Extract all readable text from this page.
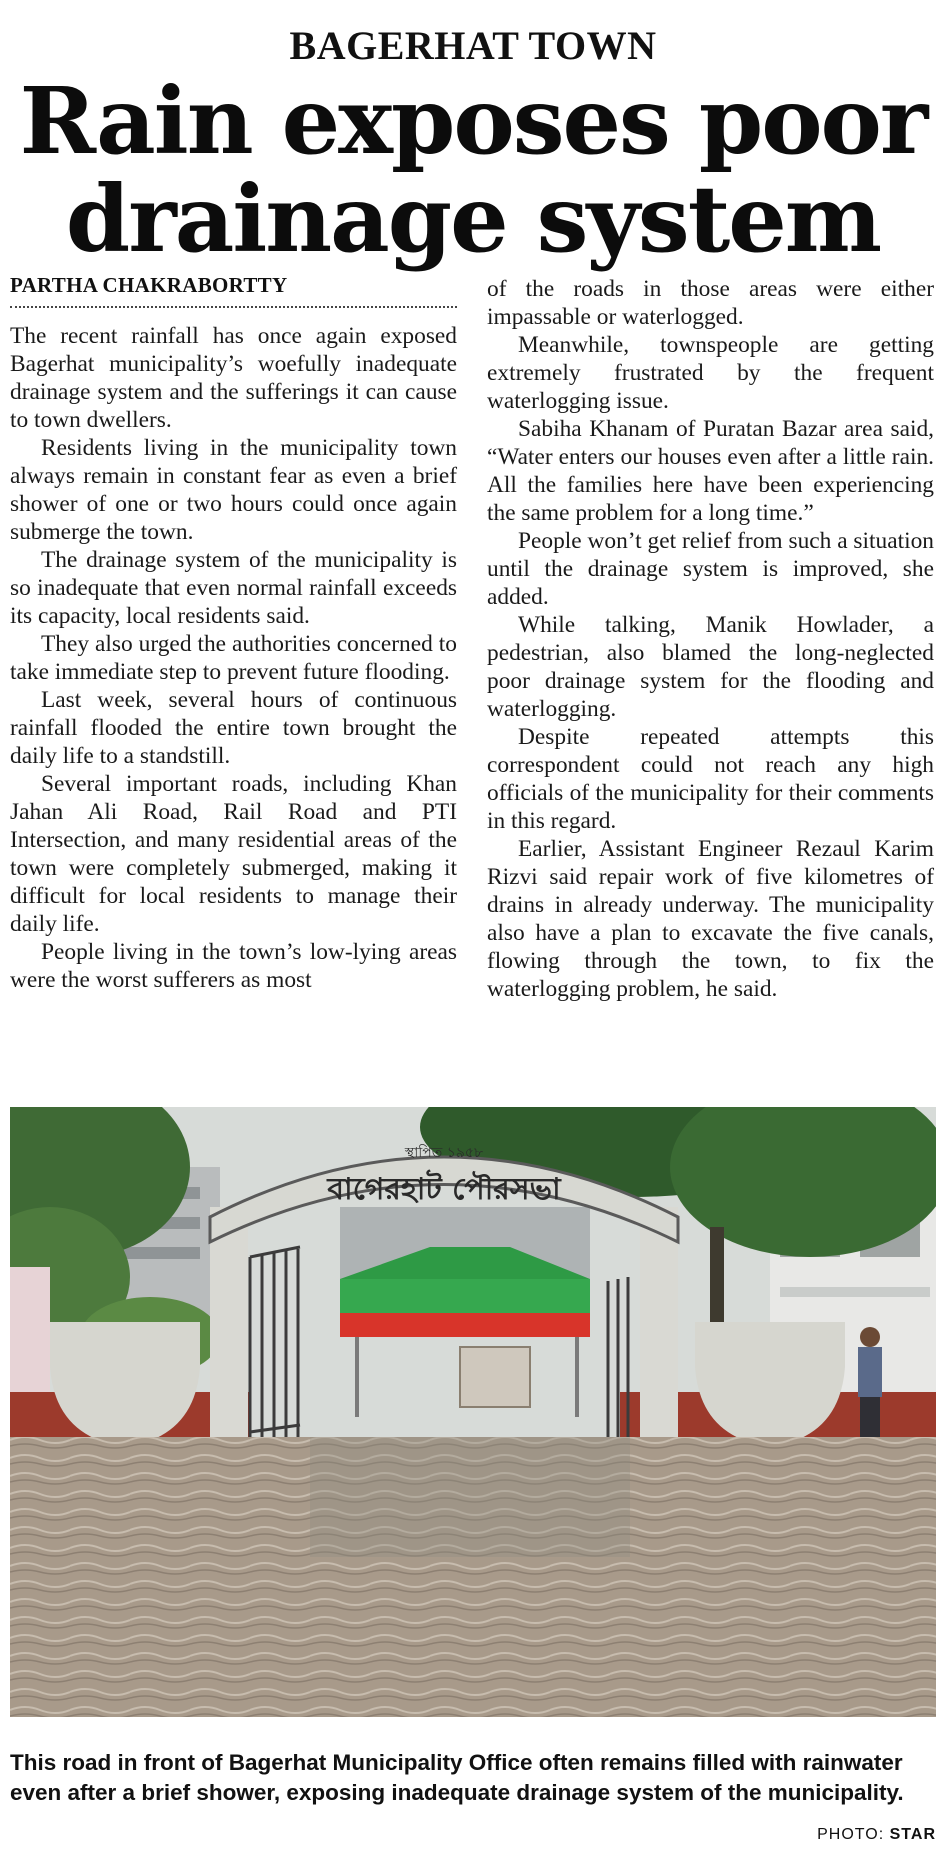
BAGERHAT TOWN
Rain exposes poor
drainage system
PARTHA CHAKRABORTTY

The recent rainfall has once again exposed Bagerhat municipality’s woefully inadequate drainage system and the sufferings it can cause to town dwellers.

Residents living in the municipality town always remain in constant fear as even a brief shower of one or two hours could once again submerge the town.

The drainage system of the municipality is so inadequate that even normal rainfall exceeds its capacity, local residents said.

They also urged the authorities concerned to take immediate step to prevent future flooding.

Last week, several hours of continuous rainfall flooded the entire town brought the daily life to a standstill.

Several important roads, including Khan Jahan Ali Road, Rail Road and PTI Intersection, and many residential areas of the town were completely submerged, making it difficult for local residents to manage their daily life.

People living in the town’s low-lying areas were the worst sufferers as most

of the roads in those areas were either impassable or waterlogged.

Meanwhile, townspeople are getting extremely frustrated by the frequent waterlogging issue.

Sabiha Khanam of Puratan Bazar area said, “Water enters our houses even after a little rain. All the families here have been experiencing the same problem for a long time.”

People won’t get relief from such a situation until the drainage system is improved, she added.

While talking, Manik Howlader, a pedestrian, also blamed the long-neglected poor drainage system for the flooding and waterlogging.

Despite repeated attempts this correspondent could not reach any high officials of the municipality for their comments in this regard.

Earlier, Assistant Engineer Rezaul Karim Rizvi said repair work of five kilometres of drains in already underway. The municipality also have a plan to excavate the five canals, flowing through the town, to fix the waterlogging problem, he said.

বাগেরহাট পৌরসভা
স্থাপিত ১৯৫৮
This road in front of Bagerhat Municipality Office often remains filled with rainwater even after a brief shower, exposing inadequate drainage system of the municipality.
PHOTO: STAR
